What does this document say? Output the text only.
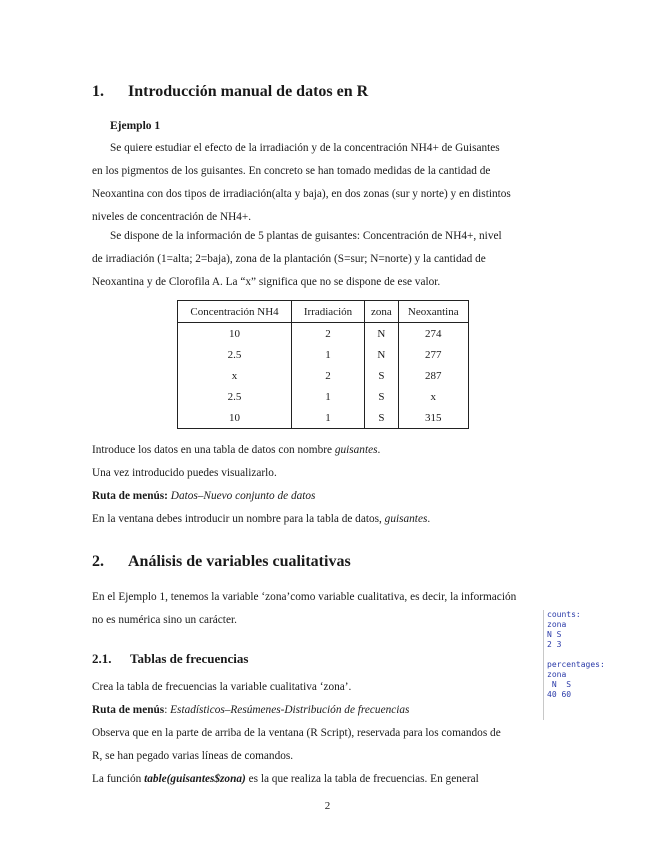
1. Introducción manual de datos en R
Ejemplo 1
Se quiere estudiar el efecto de la irradiación y de la concentración NH4+ de Guisantes
en los pigmentos de los guisantes. En concreto se han tomado medidas de la cantidad de
Neoxantina con dos tipos de irradiación(alta y baja), en dos zonas (sur y norte) y en distintos
niveles de concentración de NH4+.
Se dispone de la información de 5 plantas de guisantes: Concentración de NH4+, nivel
de irradiación (1=alta; 2=baja), zona de la plantación (S=sur; N=norte) y la cantidad de
Neoxantina y de Clorofila A. La “x” significa que no se dispone de ese valor.
Concentración NH4	Irradiación	zona	Neoxantina
10	2	N	274
2.5	1	N	277
x	2	S	287
2.5	1	S	x
10	1	S	315
Introduce los datos en una tabla de datos con nombre guisantes.
Una vez introducido puedes visualizarlo.
Ruta de menús: Datos–Nuevo conjunto de datos
En la ventana debes introducir un nombre para la tabla de datos, guisantes.
2. Análisis de variables cualitativas
En el Ejemplo 1, tenemos la variable ‘zona’como variable cualitativa, es decir, la información
no es numérica sino un carácter.
2.1. Tablas de frecuencias
Crea la tabla de frecuencias la variable cualitativa ‘zona’.
Ruta de menús: Estadísticos–Resúmenes-Distribución de frecuencias
Observa que en la parte de arriba de la ventana (R Script), reservada para los comandos de
R, se han pegado varias líneas de comandos.
La función table(guisantes$zona) es la que realiza la tabla de frecuencias. En general
counts:
zona
N S
2 3

percentages:
zona
N  S
40 60
2
